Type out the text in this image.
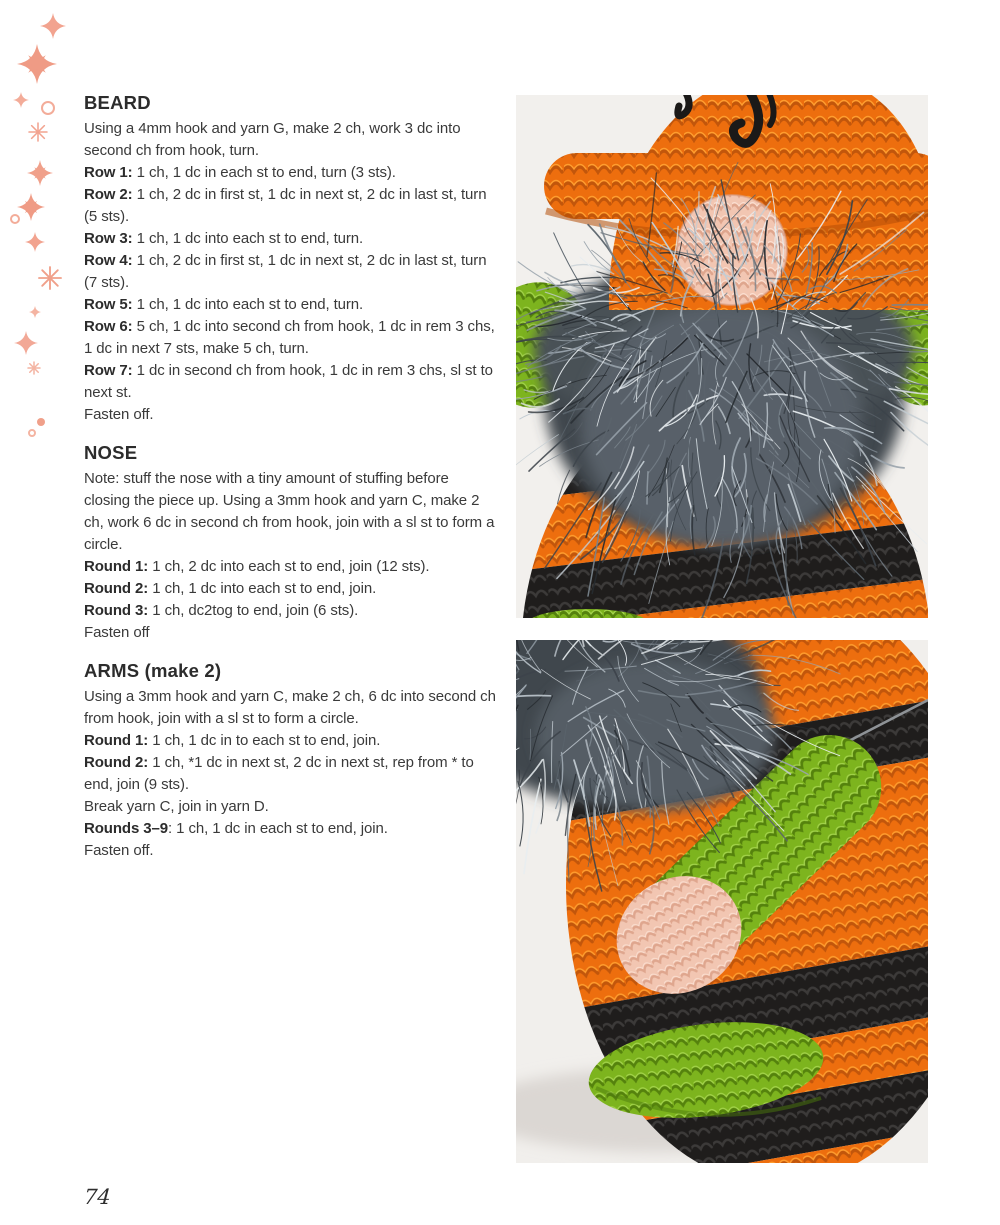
BEARD

Using a 4mm hook and yarn G, make 2 ch, work 3 dc into second ch from hook, turn.

Row 1: 1 ch, 1 dc in each st to end, turn (3 sts).

Row 2: 1 ch, 2 dc in first st, 1 dc in next st, 2 dc in last st, turn (5 sts).

Row 3: 1 ch, 1 dc into each st to end, turn.

Row 4: 1 ch, 2 dc in first st, 1 dc in next st, 2 dc in last st, turn (7 sts).

Row 5: 1 ch, 1 dc into each st to end, turn.

Row 6: 5 ch, 1 dc into second ch from hook, 1 dc in rem 3 chs, 1 dc in next 7 sts, make 5 ch, turn.

Row 7: 1 dc in second ch from hook, 1 dc in rem 3 chs, sl st to next st.

Fasten off.

NOSE

Note: stuff the nose with a tiny amount of stuffing before closing the piece up. Using a 3mm hook and yarn C, make 2 ch, work 6 dc in second ch from hook, join with a sl st to form a circle.

Round 1: 1 ch, 2 dc into each st to end, join (12 sts).

Round 2: 1 ch, 1 dc into each st to end, join.

Round 3: 1 ch, dc2tog to end, join (6 sts).

Fasten off

ARMS (make 2)

Using a 3mm hook and yarn C, make 2 ch, 6 dc into second ch from hook, join with a sl st to form a circle.

Round 1: 1 ch, 1 dc in to each st to end, join.

Round 2: 1 ch, *1 dc in next st, 2 dc in next st, rep from * to end, join (9 sts).

Break yarn C, join in yarn D.

Rounds 3–9: 1 ch, 1 dc in each st to end, join.

Fasten off.

74
